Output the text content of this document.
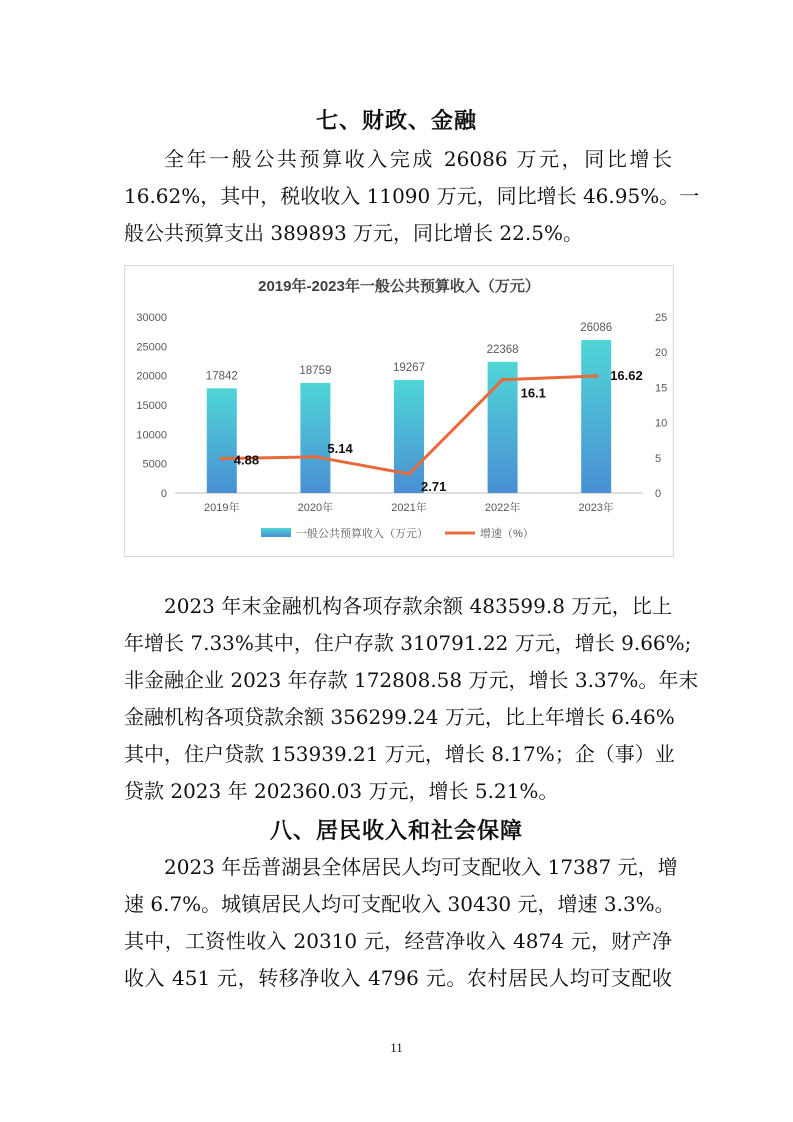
七、财政、金融
全年一般公共预算收入完成 26086 万元，同比增长
16.62%，其中，税收收入 11090 万元，同比增长 46.95%。一
般公共预算支出 389893 万元，同比增长 22.5%。
2019年-2023年一般公共预算收入（万元）
0
5000
10000
15000
20000
25000
30000
0
5
10
15
20
25
17842	18759	19267
22368
26086
2019年	2020年	2021年	2022年	2023年
4.88
5.14
2.71
16.1
16.62
一般公共预算收入（万元）	增速（%）
2023 年末金融机构各项存款余额 483599.8 万元，比上
年增长 7.33%其中，住户存款 310791.22 万元，增长 9.66%;
非金融企业 2023 年存款 172808.58 万元，增长 3.37%。年末
金融机构各项贷款余额 356299.24 万元，比上年增长 6.46%
其中，住户贷款 153939.21 万元，增长 8.17%；企（事）业
贷款 2023 年 202360.03 万元，增长 5.21%。
八、居民收入和社会保障
2023 年岳普湖县全体居民人均可支配收入 17387 元，增
速 6.7%。城镇居民人均可支配收入 30430 元，增速 3.3%。
其中，工资性收入 20310 元，经营净收入 4874 元，财产净
收入 451 元，转移净收入 4796 元。农村居民人均可支配收
11
